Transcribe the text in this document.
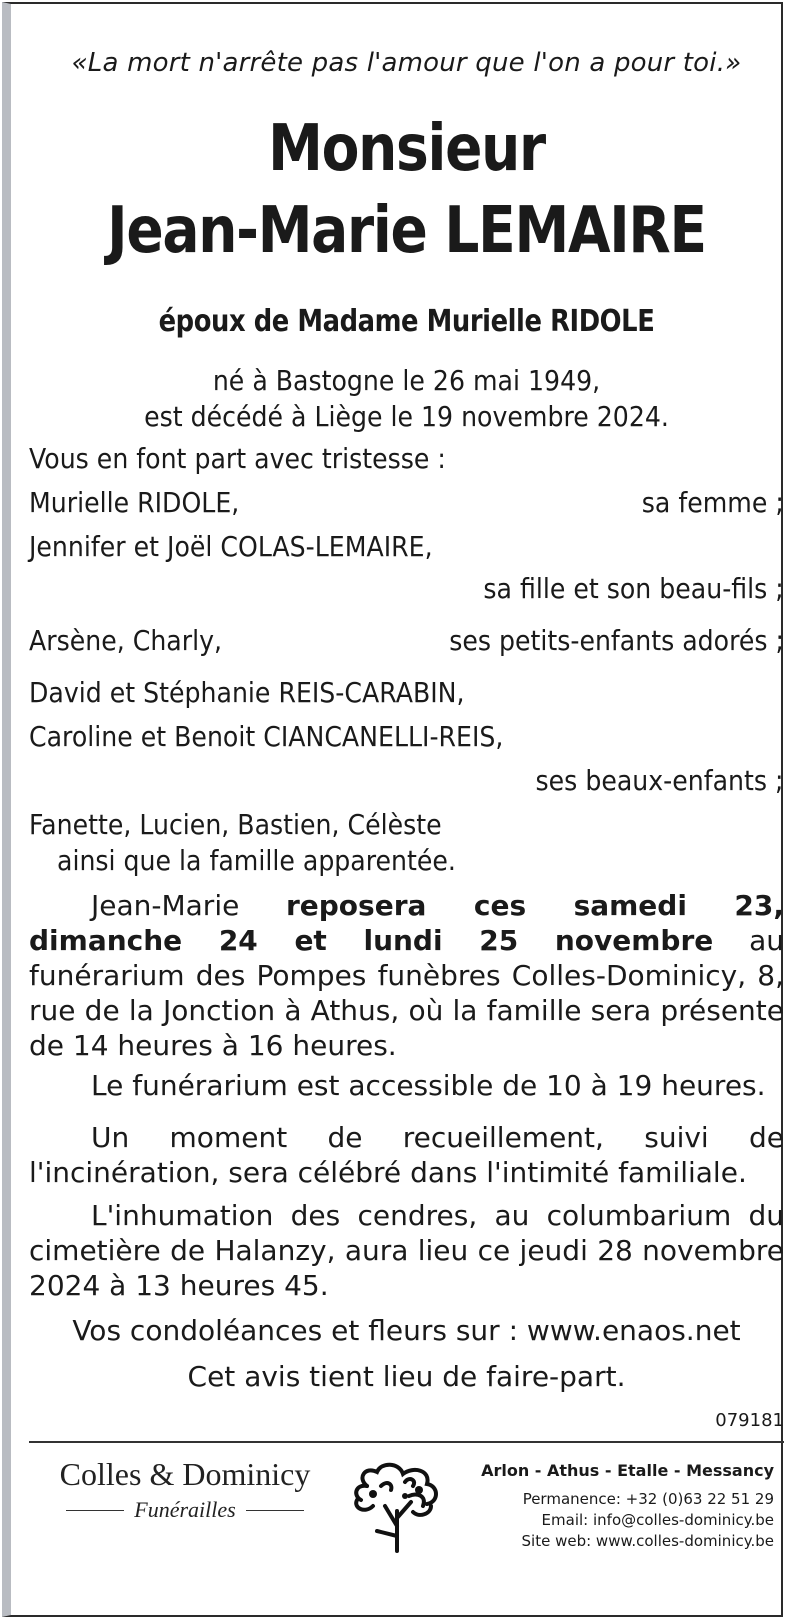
«La mort n'arrête pas l'amour que l'on a pour toi.»
Monsieur
Jean-Marie LEMAIRE
époux de Madame Murielle RIDOLE
né à Bastogne le 26 mai 1949,
est décédé à Liège le 19 novembre 2024.
Vous en font part avec tristesse :
Murielle RIDOLE,	sa femme ;
Jennifer et Joël COLAS-LEMAIRE,
sa fille et son beau-fils ;
Arsène, Charly,	ses petits-enfants adorés ;
David et Stéphanie REIS-CARABIN,
Caroline et Benoit CIANCANELLI-REIS,
ses beaux-enfants ;
Fanette, Lucien, Bastien, Célèste
ainsi que la famille apparentée.
Jean-Marie reposera ces samedi 23, dimanche 24 et lundi 25 novembre au funérarium des Pompes funèbres Colles-Dominicy, 8, rue de la Jonction à Athus, où la famille sera présente de 14 heures à 16 heures.
Le funérarium est accessible de 10 à 19 heures.
Un moment de recueillement, suivi de l'incinération, sera célébré dans l'intimité familiale.
L'inhumation des cendres, au columbarium du cimetière de Halanzy, aura lieu ce jeudi 28 novembre 2024 à 13 heures 45.
Vos condoléances et fleurs sur : www.enaos.net
Cet avis tient lieu de faire-part.
079181
Colles & Dominicy
Funérailles
Arlon - Athus - Etalle - Messancy
Permanence: +32 (0)63 22 51 29
Email: info@colles-dominicy.be
Site web: www.colles-dominicy.be
